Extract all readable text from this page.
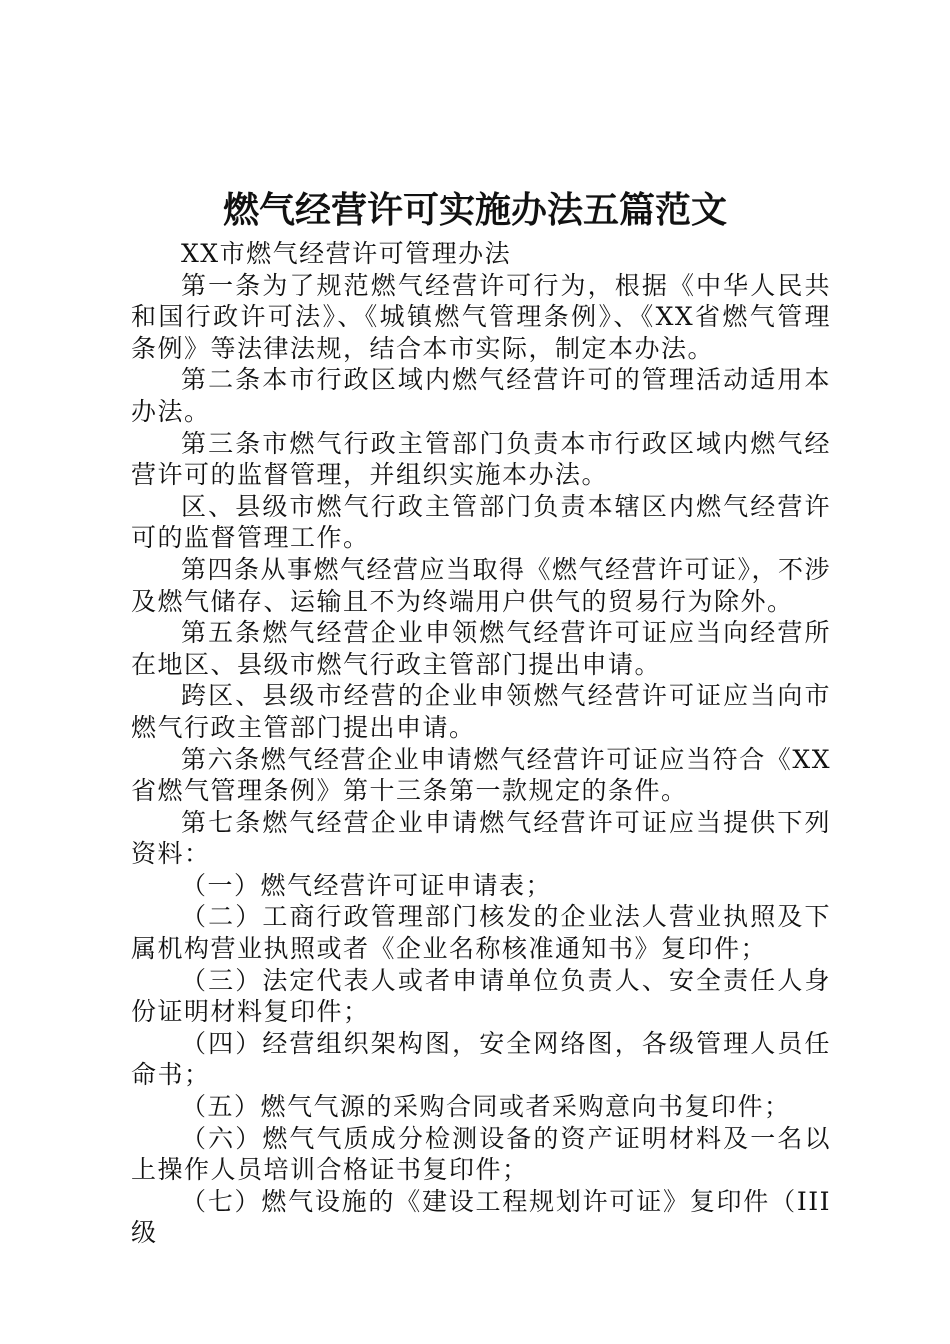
燃气经营许可实施办法五篇范文

XX市燃气经营许可管理办法

第一条为了规范燃气经营许可行为，根据《中华人民共和国行政许可法》、《城镇燃气管理条例》、《XX省燃气管理条例》等法律法规，结合本市实际，制定本办法。

第二条本市行政区域内燃气经营许可的管理活动适用本办法。

第三条市燃气行政主管部门负责本市行政区域内燃气经营许可的监督管理，并组织实施本办法。

区、县级市燃气行政主管部门负责本辖区内燃气经营许可的监督管理工作。

第四条从事燃气经营应当取得《燃气经营许可证》，不涉及燃气储存、运输且不为终端用户供气的贸易行为除外。

第五条燃气经营企业申领燃气经营许可证应当向经营所在地区、县级市燃气行政主管部门提出申请。

跨区、县级市经营的企业申领燃气经营许可证应当向市燃气行政主管部门提出申请。

第六条燃气经营企业申请燃气经营许可证应当符合《XX省燃气管理条例》第十三条第一款规定的条件。

第七条燃气经营企业申请燃气经营许可证应当提供下列资料：

（一）燃气经营许可证申请表；

（二）工商行政管理部门核发的企业法人营业执照及下属机构营业执照或者《企业名称核准通知书》复印件；

（三）法定代表人或者申请单位负责人、安全责任人身份证明材料复印件；

（四）经营组织架构图，安全网络图，各级管理人员任命书；

（五）燃气气源的采购合同或者采购意向书复印件；

（六）燃气气质成分检测设备的资产证明材料及一名以上操作人员培训合格证书复印件；

（七）燃气设施的《建设工程规划许可证》复印件（III级
